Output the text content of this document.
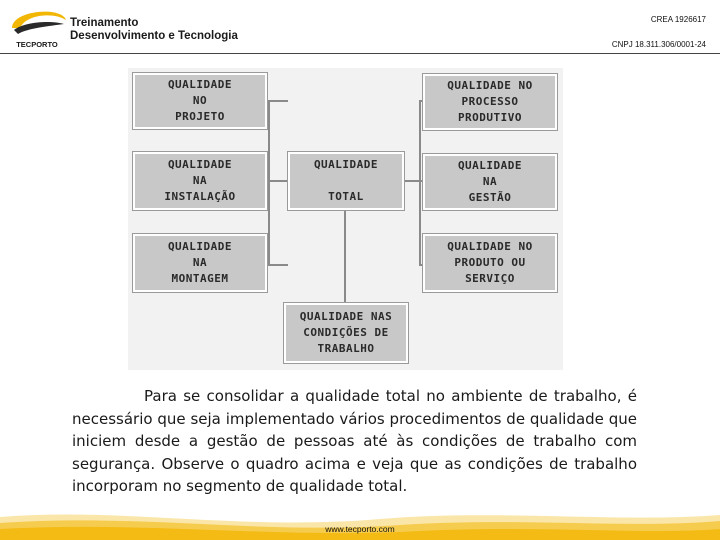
TECPORTO
Treinamento
Desenvolvimento e Tecnologia
CREA 1926617
CNPJ 18.311.306/0001-24
QUALIDADE
NO
PROJETO
QUALIDADE
NA
INSTALAÇÃO
QUALIDADE
NA
MONTAGEM
QUALIDADE

TOTAL
QUALIDADE NO
PROCESSO
PRODUTIVO
QUALIDADE
NA
GESTÃO
QUALIDADE NO
PRODUTO OU
SERVIÇO
QUALIDADE NAS
CONDIÇÕES DE
TRABALHO
Para se consolidar a qualidade total no ambiente de trabalho, é necessário que seja implementado vários procedimentos de qualidade que iniciem desde a gestão de pessoas até às condições de trabalho com segurança. Observe o quadro acima e veja que as condições de trabalho incorporam no segmento de qualidade total.
www.tecporto.com
